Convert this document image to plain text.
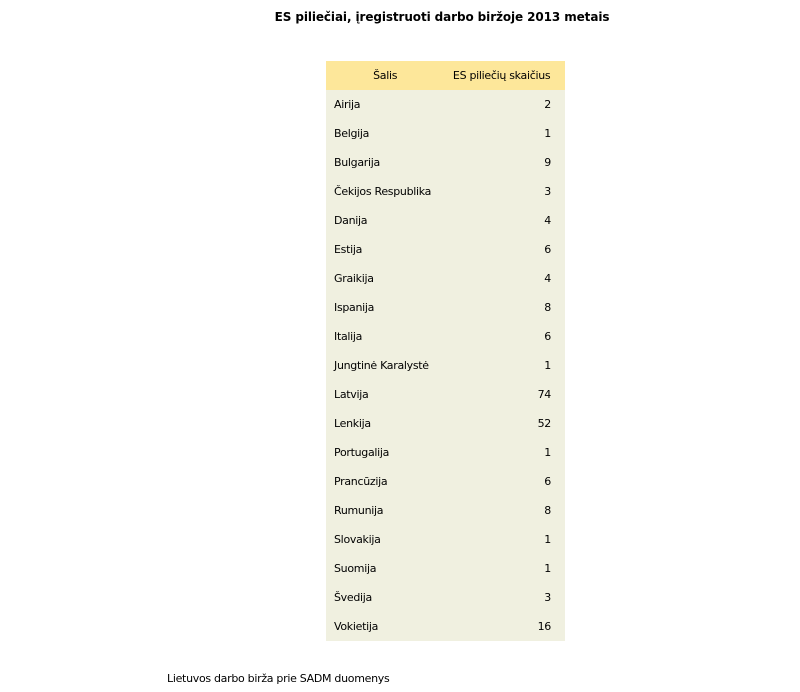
ES piliečiai, įregistruoti darbo biržoje 2013 metais
Šalis	ES piliečių skaičius
Airija	2
Belgija	1
Bulgarija	9
Čekijos Respublika	3
Danija	4
Estija	6
Graikija	4
Ispanija	8
Italija	6
Jungtinė Karalystė	1
Latvija	74
Lenkija	52
Portugalija	1
Prancūzija	6
Rumunija	8
Slovakija	1
Suomija	1
Švedija	3
Vokietija	16
Lietuvos darbo birža prie SADM duomenys
